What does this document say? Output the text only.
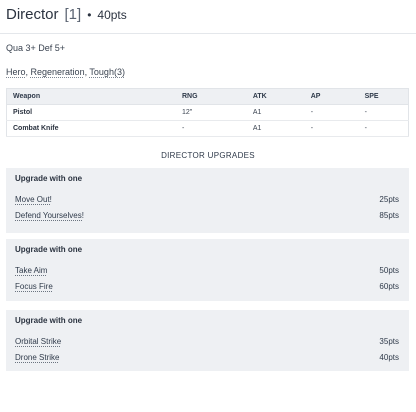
Director [1] • 40pts
Qua 3+ Def 5+
Hero, Regeneration, Tough(3)
Weapon	RNG	ATK	AP	SPE
Pistol	12"	A1	-	-
Combat Knife	-	A1	-	-
DIRECTOR UPGRADES
Upgrade with one
Move Out!	25pts
Defend Yourselves!	85pts
Upgrade with one
Take Aim	50pts
Focus Fire	60pts
Upgrade with one
Orbital Strike	35pts
Drone Strike	40pts
